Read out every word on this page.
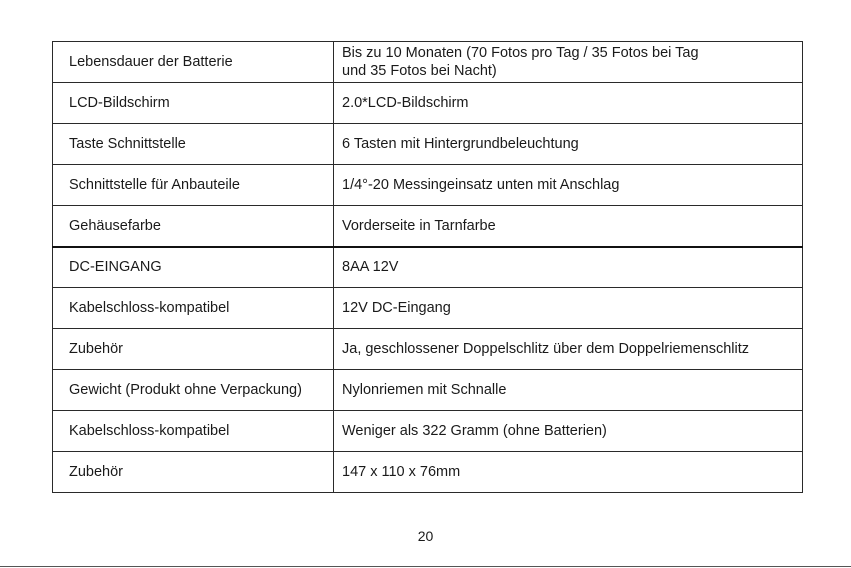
Lebensdauer der Batterie	Bis zu 10 Monaten (70 Fotos pro Tag / 35 Fotos bei Tag
und 35 Fotos bei Nacht)
LCD-Bildschirm	2.0*LCD-Bildschirm
Taste Schnittstelle	6 Tasten mit Hintergrundbeleuchtung
Schnittstelle für Anbauteile	1/4°-20 Messingeinsatz unten mit Anschlag
Gehäusefarbe	Vorderseite in Tarnfarbe
DC-EINGANG	8AA 12V
Kabelschloss-kompatibel	12V DC-Eingang
Zubehör	Ja, geschlossener Doppelschlitz über dem Doppelriemenschlitz
Gewicht (Produkt ohne Verpackung)	Nylonriemen mit Schnalle
Kabelschloss-kompatibel	Weniger als 322 Gramm (ohne Batterien)
Zubehör	147 x 110 x 76mm
20
